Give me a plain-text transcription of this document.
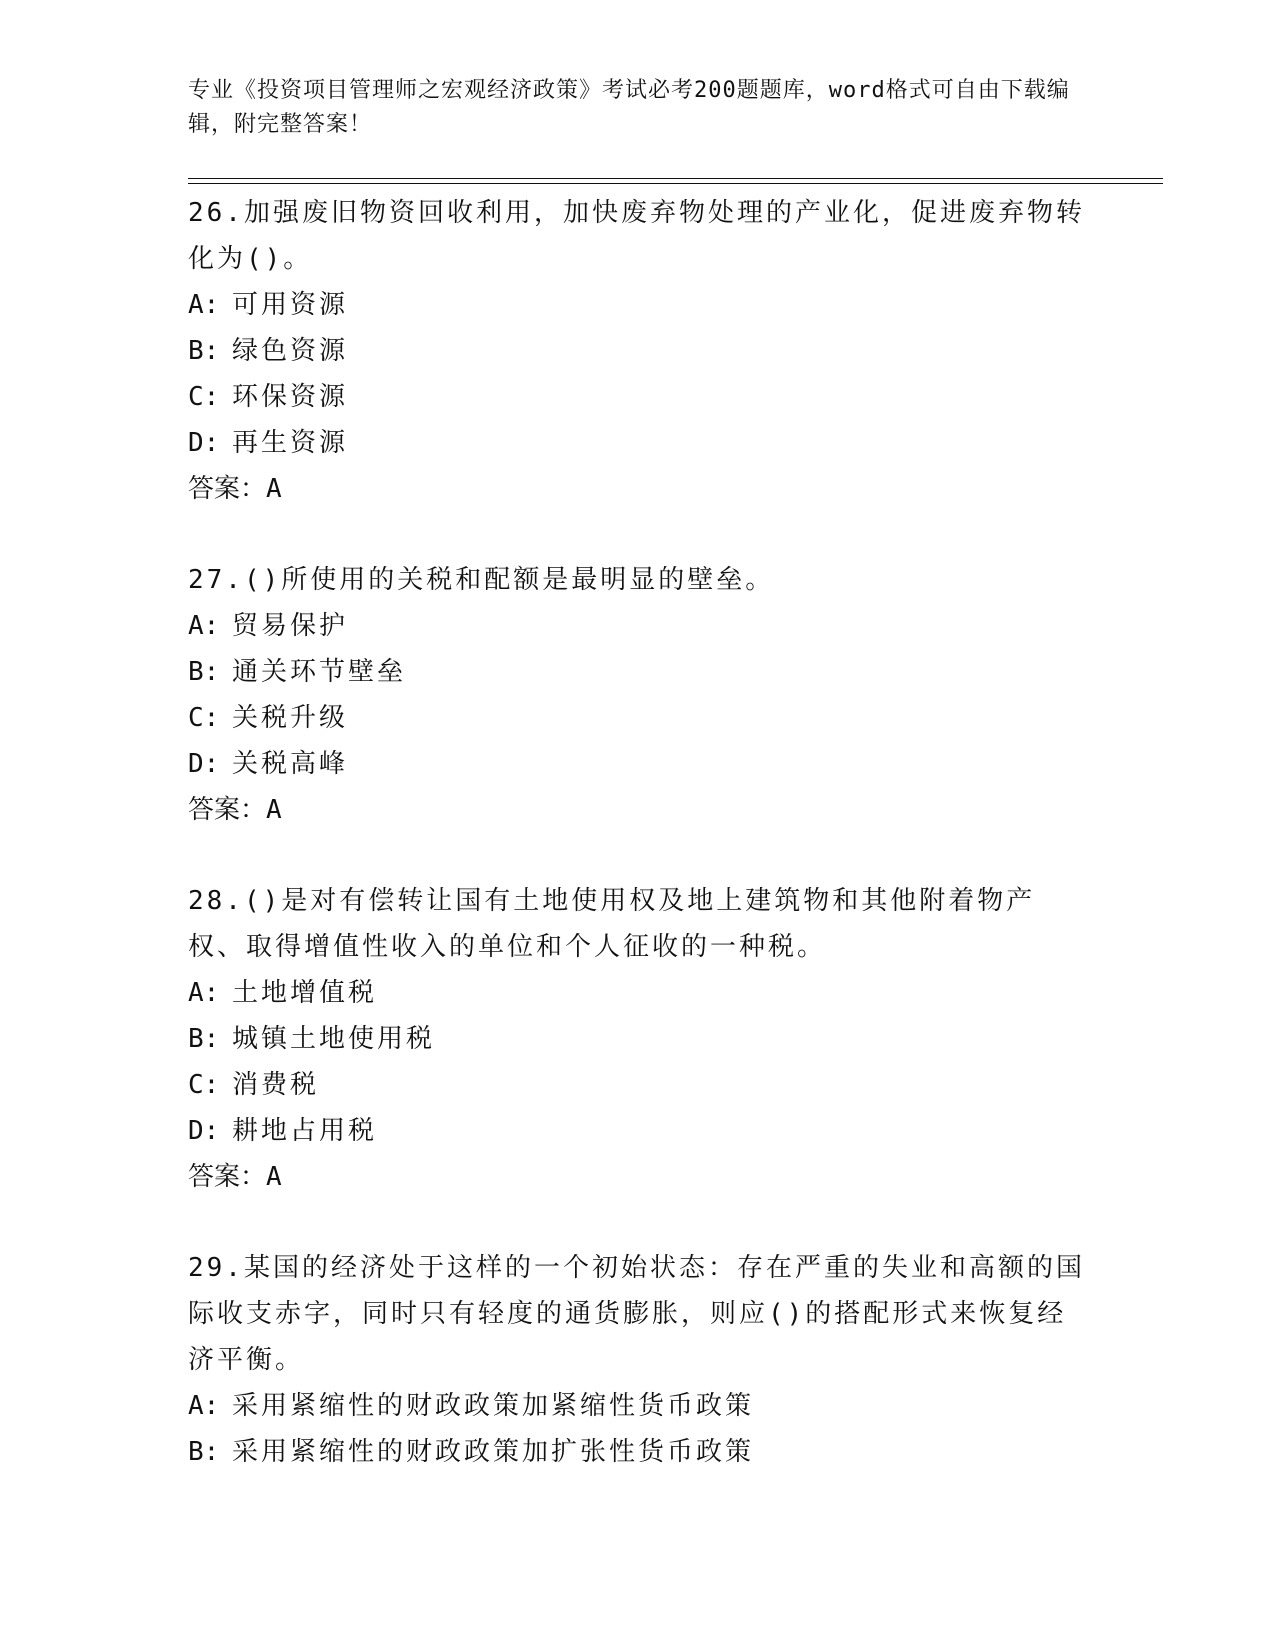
专业《投资项目管理师之宏观经济政策》考试必考200题题库，word格式可自由下载编辑，附完整答案！
26.加强废旧物资回收利用，加快废弃物处理的产业化，促进废弃物转化为()。
A: 可用资源
B: 绿色资源
C: 环保资源
D: 再生资源
答案：A
27.()所使用的关税和配额是最明显的壁垒。
A: 贸易保护
B: 通关环节壁垒
C: 关税升级
D: 关税高峰
答案：A
28.()是对有偿转让国有土地使用权及地上建筑物和其他附着物产权、取得增值性收入的单位和个人征收的一种税。
A: 土地增值税
B: 城镇土地使用税
C: 消费税
D: 耕地占用税
答案：A
29.某国的经济处于这样的一个初始状态：存在严重的失业和高额的国际收支赤字，同时只有轻度的通货膨胀，则应()的搭配形式来恢复经济平衡。
A: 采用紧缩性的财政政策加紧缩性货币政策
B: 采用紧缩性的财政政策加扩张性货币政策
